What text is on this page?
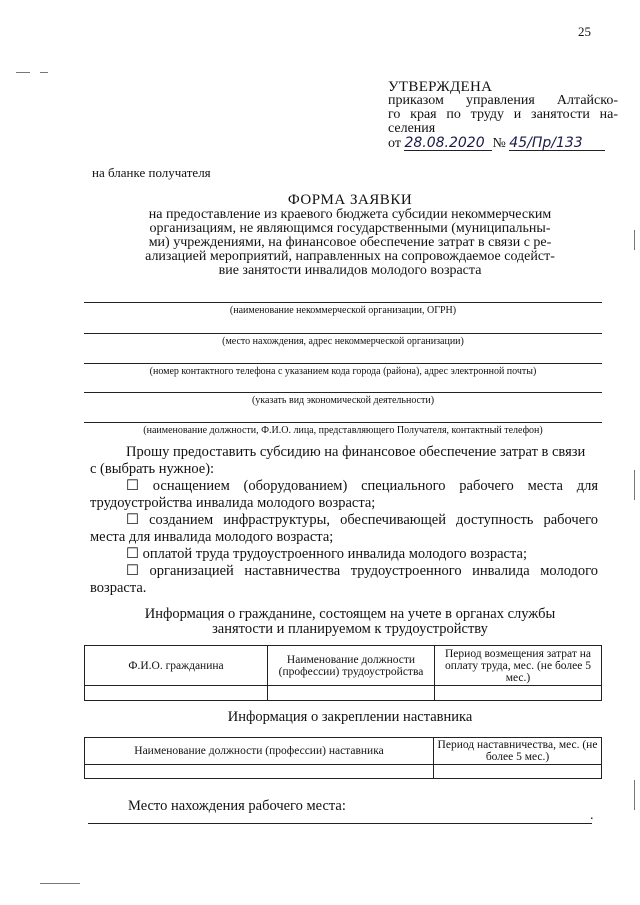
25
УТВЕРЖДЕНА
приказом управления Алтайско-
го края по труду и занятости на-
селения
от 28.08.2020 № 45/Пр/133
на бланке получателя
ФОРМА ЗАЯВКИ
на предоставление из краевого бюджета субсидии некоммерческим
организациям, не являющимся государственными (муниципальны-
ми) учреждениями, на финансовое обеспечение затрат в связи с ре-
ализацией мероприятий, направленных на сопровождаемое содейст-
вие занятости инвалидов молодого возраста
(наименование некоммерческой организации, ОГРН)
(место нахождения, адрес некоммерческой организации)
(номер контактного телефона с указанием кода города (района), адрес электронной почты)
(указать вид экономической деятельности)
(наименование должности, Ф.И.О. лица, представляющего Получателя, контактный телефон)
Прошу предоставить субсидию на финансовое обеспечение затрат в связи
с (выбрать нужное):
☐ оснащением (оборудованием) специального рабочего места для трудоустройства инвалида молодого возраста;
☐ созданием инфраструктуры, обеспечивающей доступность рабочего места для инвалида молодого возраста;
☐ оплатой труда трудоустроенного инвалида молодого возраста;
☐ организацией наставничества трудоустроенного инвалида молодого возраста.
Информация о гражданине, состоящем на учете в органах службы
занятости и планируемом к трудоустройству
Ф.И.О. гражданина	Наименование должности (профессии) трудоустройства	Период возмещения затрат на оплату труда, мес. (не более 5 мес.)

Информация о закреплении наставника
Наименование должности (профессии) наставника	Период наставничества, мес. (не более 5 мес.)

Место нахождения рабочего места:
.
